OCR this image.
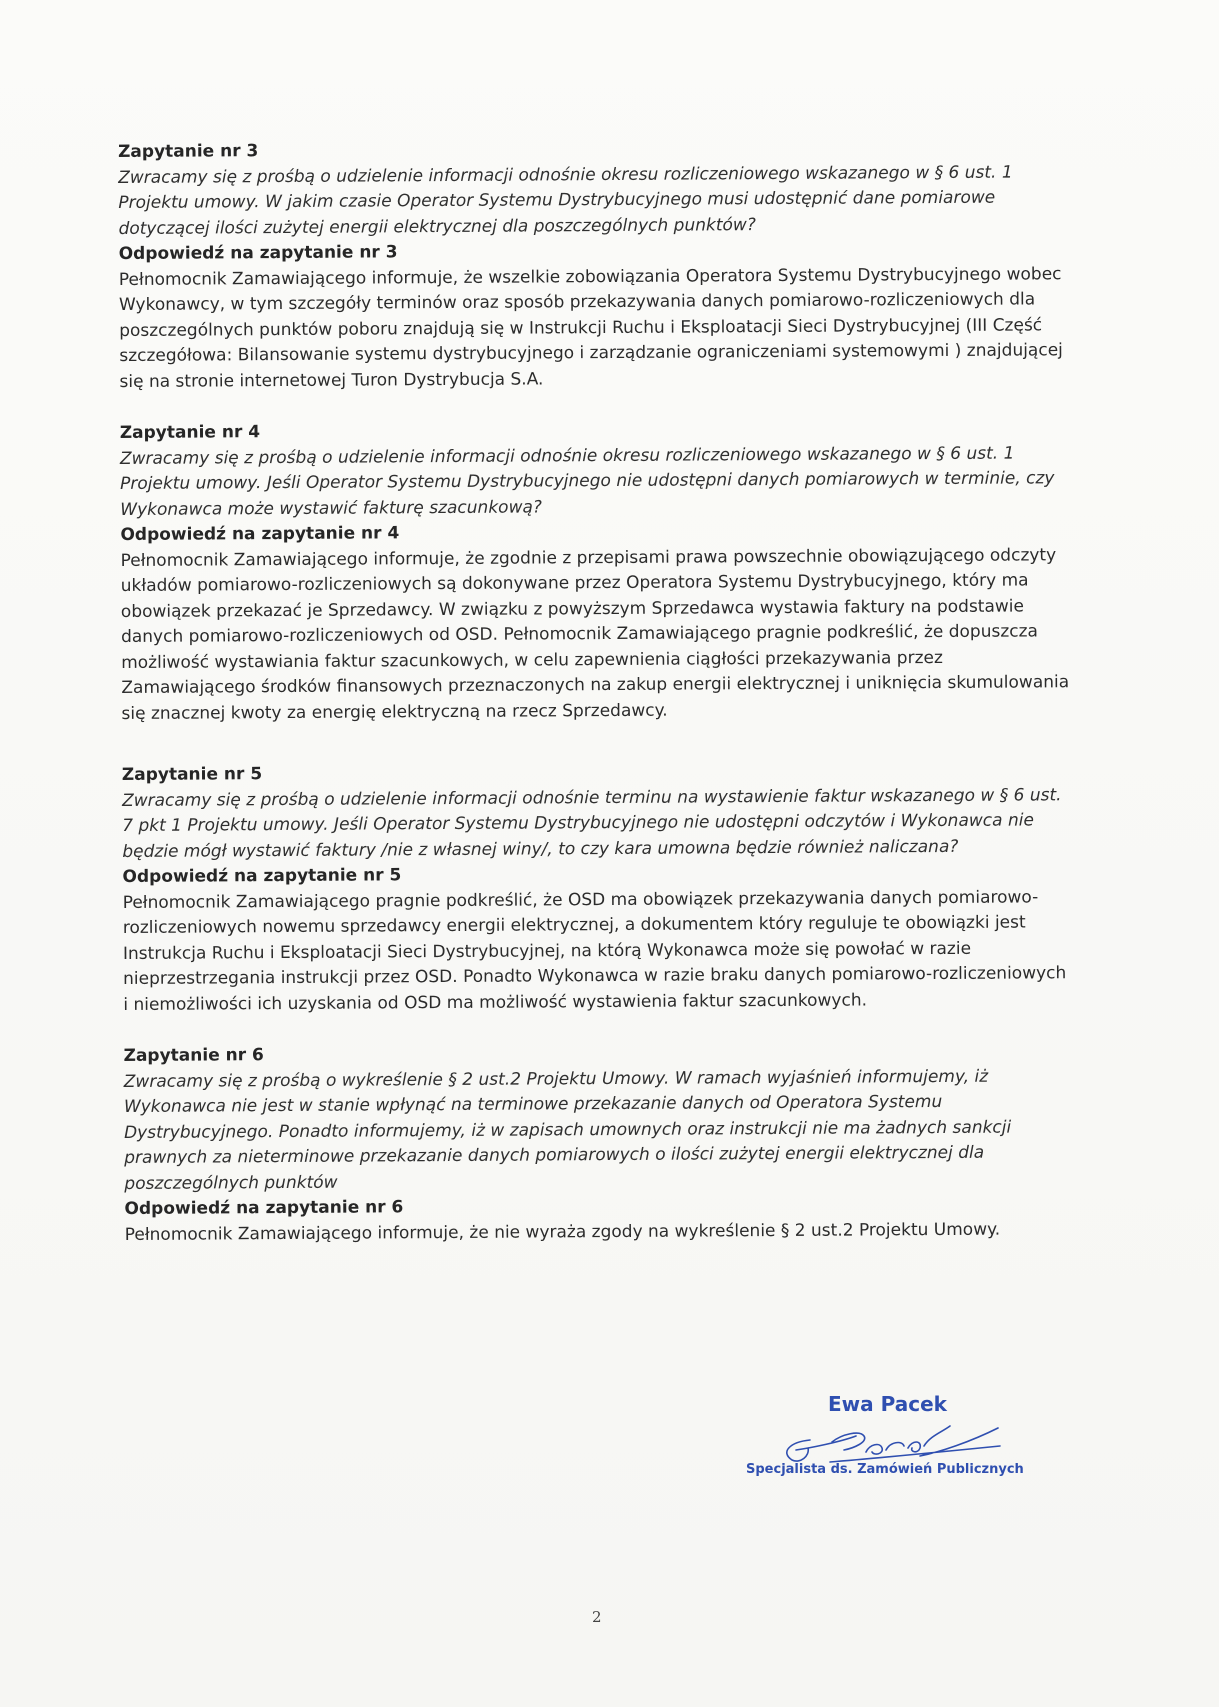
Zapytanie nr 3
Zwracamy się z prośbą o udzielenie informacji odnośnie okresu rozliczeniowego wskazanego w § 6 ust. 1 Projektu umowy. W jakim czasie Operator Systemu Dystrybucyjnego musi udostępnić dane pomiarowe dotyczącej ilości zużytej energii elektrycznej dla poszczególnych punktów?
Odpowiedź na zapytanie nr 3
Pełnomocnik Zamawiającego informuje, że wszelkie zobowiązania Operatora Systemu Dystrybucyjnego wobec Wykonawcy, w tym szczegóły terminów oraz sposób przekazywania danych pomiarowo-rozliczeniowych dla poszczególnych punktów poboru znajdują się w Instrukcji Ruchu i Eksploatacji Sieci Dystrybucyjnej (III Część szczegółowa: Bilansowanie systemu dystrybucyjnego i zarządzanie ograniczeniami systemowymi ) znajdującej się na stronie internetowej Turon Dystrybucja S.A.
Zapytanie nr 4
Zwracamy się z prośbą o udzielenie informacji odnośnie okresu rozliczeniowego wskazanego w § 6 ust. 1 Projektu umowy. Jeśli Operator Systemu Dystrybucyjnego nie udostępni danych pomiarowych w terminie, czy Wykonawca może wystawić fakturę szacunkową?
Odpowiedź na zapytanie nr 4
Pełnomocnik Zamawiającego informuje, że zgodnie z przepisami prawa powszechnie obowiązującego odczyty układów pomiarowo-rozliczeniowych są dokonywane przez Operatora Systemu Dystrybucyjnego, który ma obowiązek przekazać je Sprzedawcy. W związku z powyższym Sprzedawca wystawia faktury na podstawie danych pomiarowo-rozliczeniowych od OSD. Pełnomocnik Zamawiającego pragnie podkreślić, że dopuszcza możliwość wystawiania faktur szacunkowych, w celu zapewnienia ciągłości przekazywania przez Zamawiającego środków finansowych przeznaczonych na zakup energii elektrycznej i uniknięcia skumulowania się znacznej kwoty za energię elektryczną na rzecz Sprzedawcy.
Zapytanie nr 5
Zwracamy się z prośbą o udzielenie informacji odnośnie terminu na wystawienie faktur wskazanego w § 6 ust. 7 pkt 1 Projektu umowy. Jeśli Operator Systemu Dystrybucyjnego nie udostępni odczytów i Wykonawca nie będzie mógł wystawić faktury /nie z własnej winy/, to czy kara umowna będzie również naliczana?
Odpowiedź na zapytanie nr 5
Pełnomocnik Zamawiającego pragnie podkreślić, że OSD ma obowiązek przekazywania danych pomiarowo-rozliczeniowych nowemu sprzedawcy energii elektrycznej, a dokumentem który reguluje te obowiązki jest Instrukcja Ruchu i Eksploatacji Sieci Dystrybucyjnej, na którą Wykonawca może się powołać w razie nieprzestrzegania instrukcji przez OSD. Ponadto Wykonawca w razie braku danych pomiarowo-rozliczeniowych i niemożliwości ich uzyskania od OSD ma możliwość wystawienia faktur szacunkowych.
Zapytanie nr 6
Zwracamy się z prośbą o wykreślenie § 2 ust.2 Projektu Umowy. W ramach wyjaśnień informujemy, iż Wykonawca nie jest w stanie wpłynąć na terminowe przekazanie danych od Operatora Systemu Dystrybucyjnego. Ponadto informujemy, iż w zapisach umownych oraz instrukcji nie ma żadnych sankcji prawnych za nieterminowe przekazanie danych pomiarowych o ilości zużytej energii elektrycznej dla poszczególnych punktów
Odpowiedź na zapytanie nr 6
Pełnomocnik Zamawiającego informuje, że nie wyraża zgody na wykreślenie § 2 ust.2 Projektu Umowy.
Ewa Pacek
Specjalista ds. Zamówień Publicznych
2
